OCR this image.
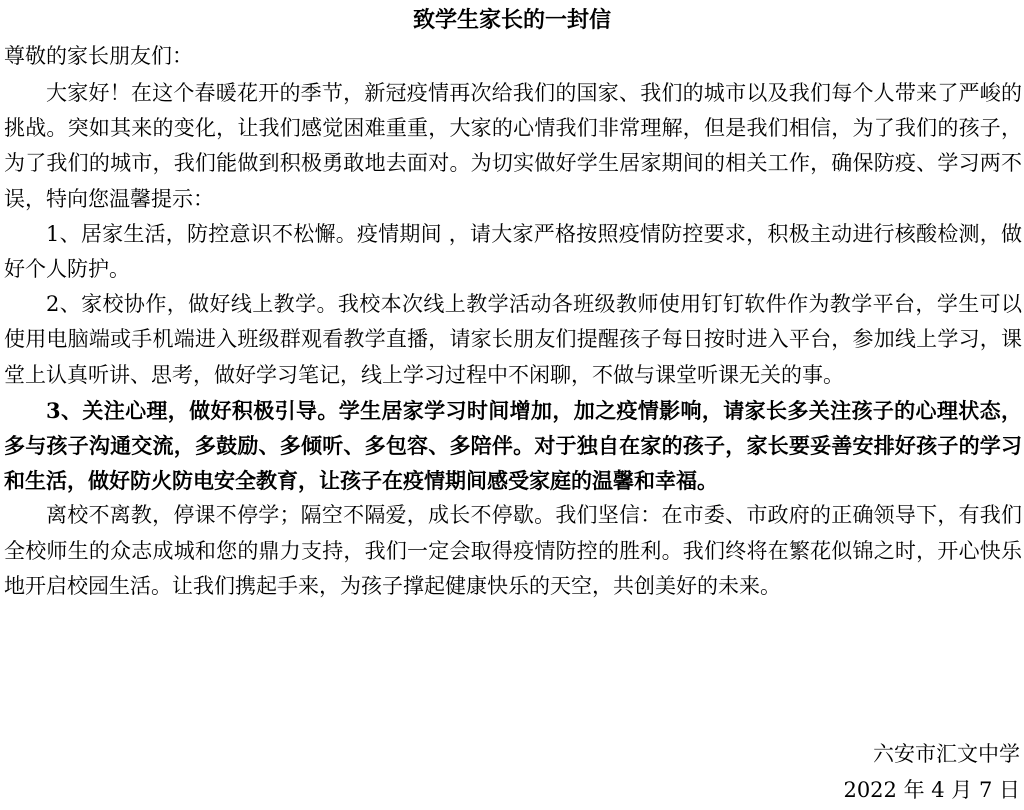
致学生家长的一封信
尊敬的家长朋友们：

大家好！在这个春暖花开的季节，新冠疫情再次给我们的国家、我们的城市以及我们每个人带来了严峻的挑战。突如其来的变化，让我们感觉困难重重，大家的心情我们非常理解，但是我们相信，为了我们的孩子，为了我们的城市，我们能做到积极勇敢地去面对。为切实做好学生居家期间的相关工作，确保防疫、学习两不误，特向您温馨提示：

1、居家生活，防控意识不松懈。疫情期间 ，请大家严格按照疫情防控要求，积极主动进行核酸检测，做好个人防护。

2、家校协作，做好线上教学。我校本次线上教学活动各班级教师使用钉钉软件作为教学平台，学生可以使用电脑端或手机端进入班级群观看教学直播，请家长朋友们提醒孩子每日按时进入平台，参加线上学习，课堂上认真听讲、思考，做好学习笔记，线上学习过程中不闲聊，不做与课堂听课无关的事。

3、关注心理，做好积极引导。学生居家学习时间增加，加之疫情影响，请家长多关注孩子的心理状态，多与孩子沟通交流，多鼓励、多倾听、多包容、多陪伴。对于独自在家的孩子，家长要妥善安排好孩子的学习和生活，做好防火防电安全教育，让孩子在疫情期间感受家庭的温馨和幸福。

离校不离教，停课不停学；隔空不隔爱，成长不停歇。我们坚信：在市委、市政府的正确领导下，有我们全校师生的众志成城和您的鼎力支持，我们一定会取得疫情防控的胜利。我们终将在繁花似锦之时，开心快乐地开启校园生活。让我们携起手来，为孩子撑起健康快乐的天空，共创美好的未来。

六安市汇文中学
2022 年 4 月 7 日
